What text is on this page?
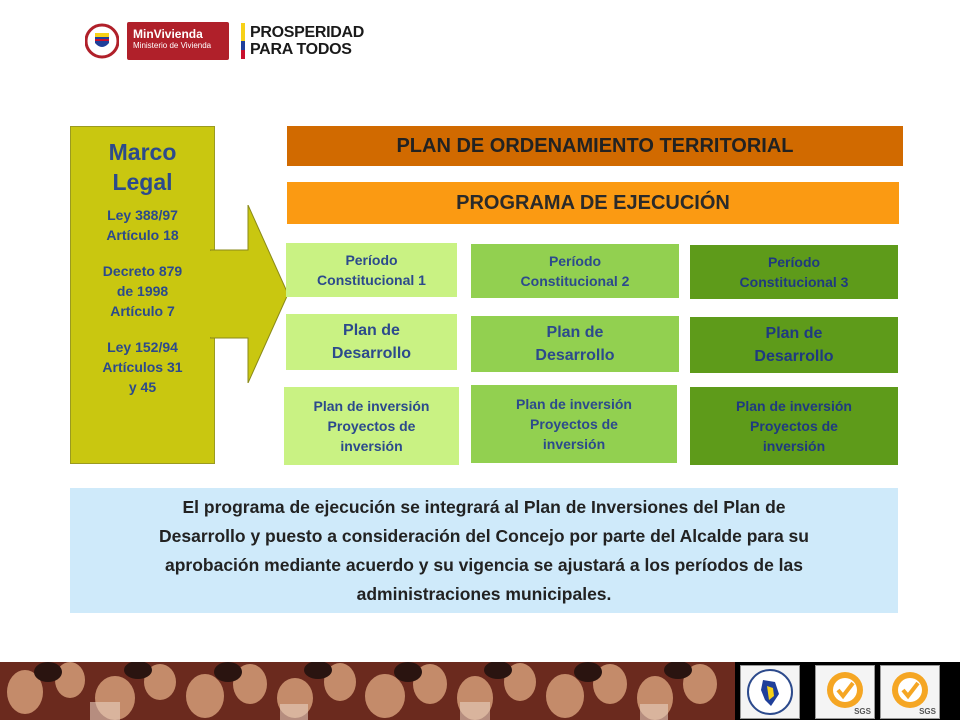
MinVivienda
Ministerio de Vivienda
PROSPERIDAD
PARA TODOS
Marco
Legal
Ley 388/97
Artículo 18
Decreto 879
de 1998
Artículo 7
Ley 152/94
Artículos 31
y 45
PLAN DE ORDENAMIENTO TERRITORIAL
PROGRAMA DE EJECUCIÓN
Período
Constitucional 1
Plan de
Desarrollo
Plan de inversión
Proyectos de
inversión
Período
Constitucional 2
Plan de
Desarrollo
Plan de inversión
Proyectos de
inversión
Período
Constitucional 3
Plan de
Desarrollo
Plan de inversión
Proyectos de
inversión
El programa de ejecución se integrará al Plan de Inversiones del Plan de
Desarrollo y puesto a consideración del Concejo por parte del Alcalde para su
aprobación mediante acuerdo y su vigencia se ajustará a los períodos de las
administraciones municipales.
SGS	SGS
